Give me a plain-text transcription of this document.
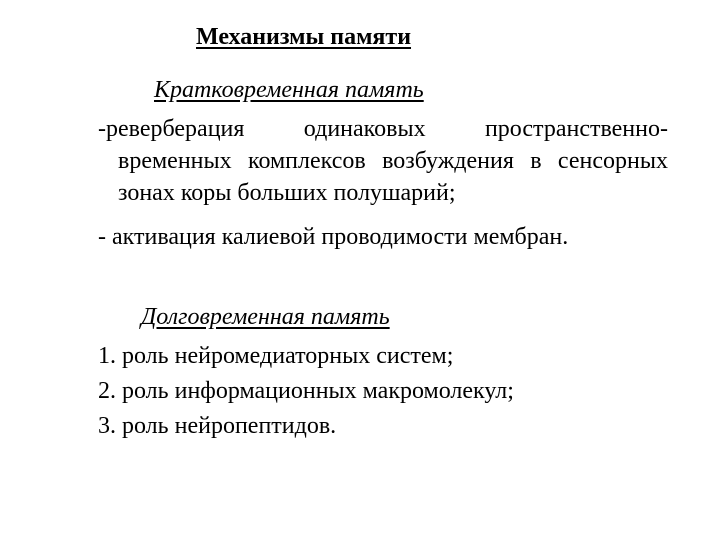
Механизмы памяти
Кратковременная память
-реверберация одинаковых пространственно-временных комплексов возбуждения в сенсорных зонах коры больших полушарий;
- активация калиевой проводимости мембран.
Долговременная память
1. роль нейромедиаторных систем;
2. роль информационных макромолекул;
3. роль нейропептидов.
